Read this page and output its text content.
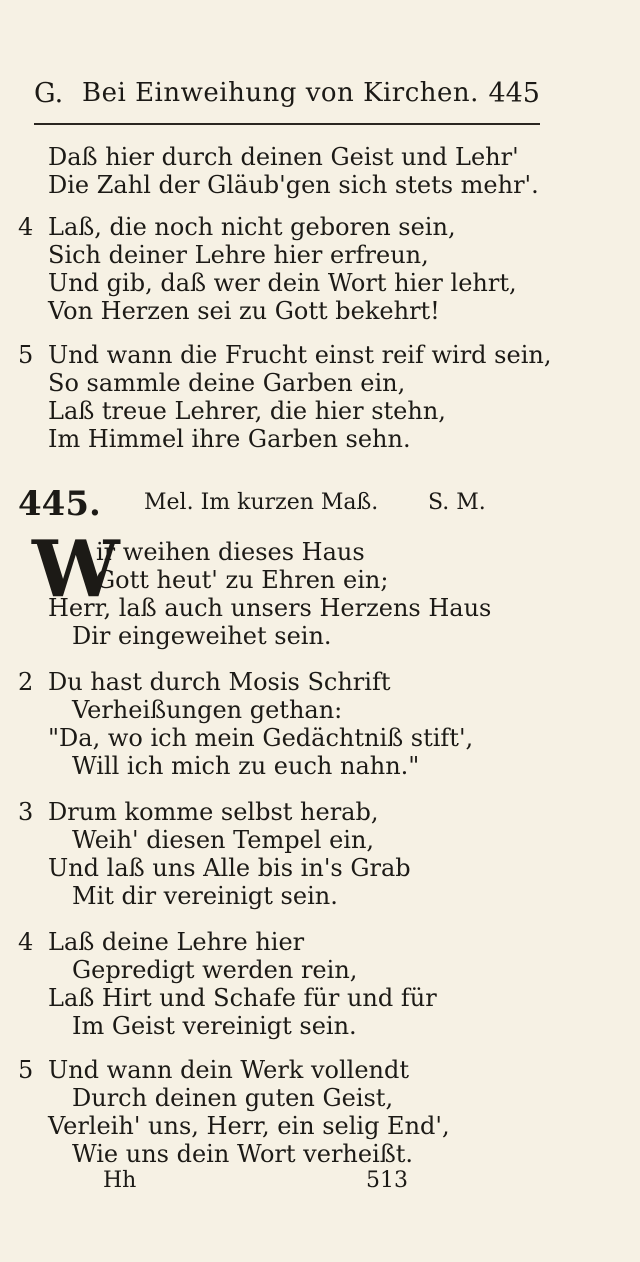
G. Bei Einweihung von Kirchen. 445
Daß hier durch deinen Geist und Lehr'
Die Zahl der Gläub'gen sich stets mehr'.
4 Laß, die noch nicht geboren sein,
Sich deiner Lehre hier erfreun,
Und gib, daß wer dein Wort hier lehrt,
Von Herzen sei zu Gott bekehrt!
5 Und wann die Frucht einst reif wird sein,
So sammle deine Garben ein,
Laß treue Lehrer, die hier stehn,
Im Himmel ihre Garben sehn.
445. Mel. Im kurzen Maß. S. M.
W
ir weihen dieses Haus
Gott heut' zu Ehren ein;
Herr, laß auch unsers Herzens Haus
Dir eingeweihet sein.
2 Du hast durch Mosis Schrift
Verheißungen gethan:
"Da, wo ich mein Gedächtniß stift',
Will ich mich zu euch nahn."
3 Drum komme selbst herab,
Weih' diesen Tempel ein,
Und laß uns Alle bis in's Grab
Mit dir vereinigt sein.
4 Laß deine Lehre hier
Gepredigt werden rein,
Laß Hirt und Schafe für und für
Im Geist vereinigt sein.
5 Und wann dein Werk vollendt
Durch deinen guten Geist,
Verleih' uns, Herr, ein selig End',
Wie uns dein Wort verheißt.
Hh	513
